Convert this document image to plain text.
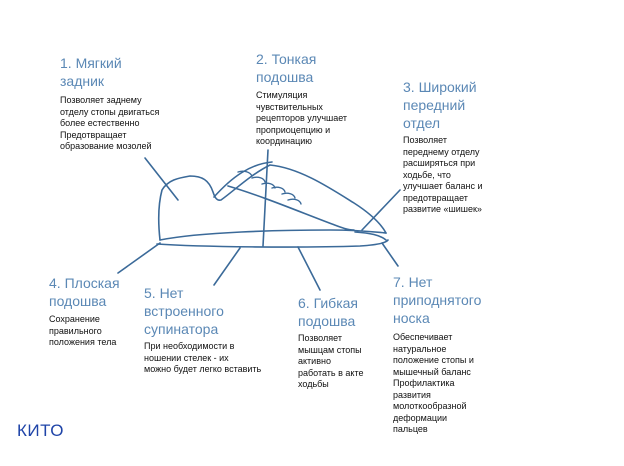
1. Мягкий
задник
Позволяет заднему
отделу стопы двигаться
более естественно
Предотвращает
образование мозолей
2. Тонкая
подошва
Стимуляция
чувствительных
рецепторов улучшает
проприоцепцию и
координацию
3. Широкий
передний
отдел
Позволяет
переднему отделу
расширяться при
ходьбе, что
улучшает баланс и
предотвращает
развитие «шишек»
4. Плоская
подошва
Сохранение
правильного
положения тела
5. Нет
встроенного
супинатора
При необходимости в
ношении стелек - их
можно будет легко вставить
6. Гибкая
подошва
Позволяет
мышцам стопы
активно
работать в акте
ходьбы
7. Нет
приподнятого
носка
Обеспечивает
натуральное
положение стопы и
мышечный баланс
Профилактика
развития
молоткообразной
деформации
пальцев
КИТО
